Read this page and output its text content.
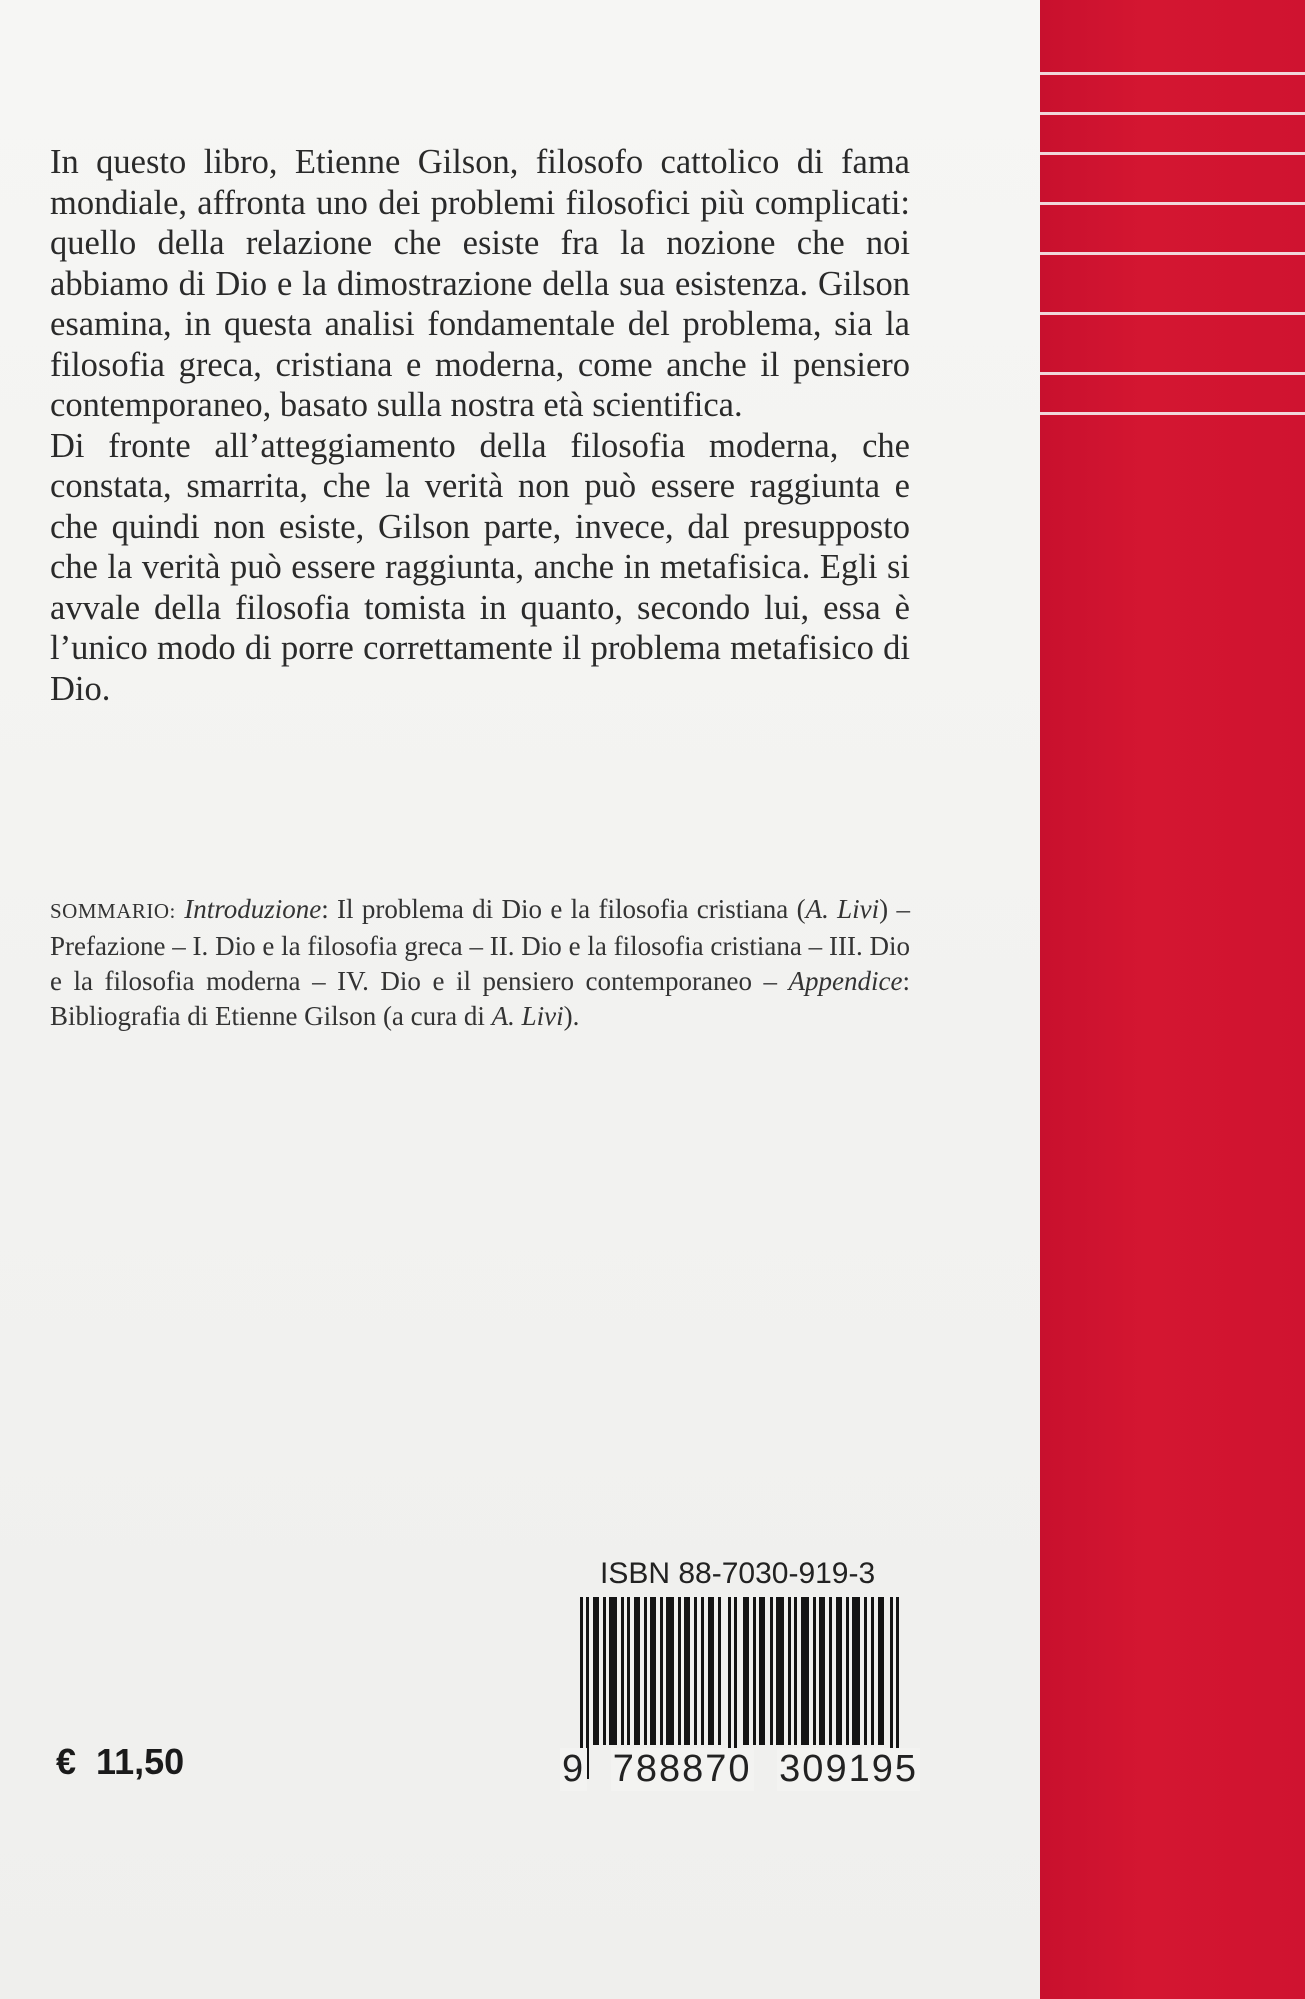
In questo libro, Etienne Gilson, filosofo cattolico di fama mondiale, affronta uno dei problemi filosofici più complicati: quello della relazione che esiste fra la nozione che noi abbiamo di Dio e la dimostrazione della sua esistenza. Gilson esamina, in questa analisi fondamentale del problema, sia la filosofia greca, cristiana e moderna, come anche il pensiero contemporaneo, basato sulla nostra età scientifica.

Di fronte all’atteggiamento della filosofia moderna, che constata, smarrita, che la verità non può essere raggiunta e che quindi non esiste, Gilson parte, invece, dal presupposto che la verità può essere raggiunta, anche in metafisica. Egli si avvale della filosofia tomista in quanto, secondo lui, essa è l’unico modo di porre correttamente il problema metafisico di Dio.

SOMMARIO: Introduzione: Il problema di Dio e la filosofia cristiana (A. Livi) – Prefazione – I. Dio e la filosofia greca – II. Dio e la filosofia cristiana – III. Dio e la filosofia moderna – IV. Dio e il pensiero contemporaneo – Appendice: Bibliografia di Etienne Gilson (a cura di A. Livi).
ISBN 88-7030-919-3
9 788870 309195
€ 11,50
